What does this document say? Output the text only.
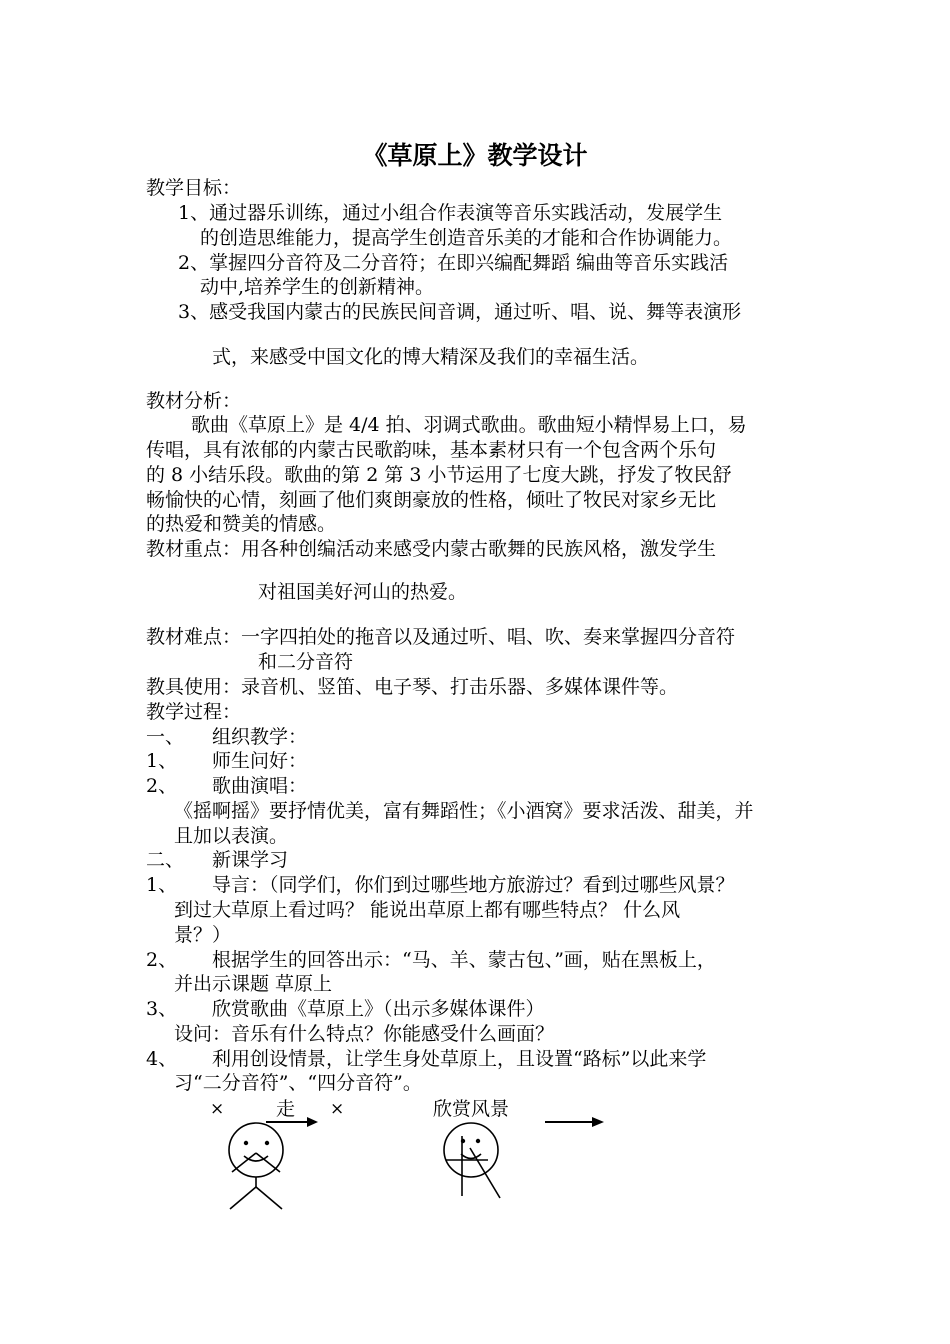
《草原上》教学设计
教学目标：
1、通过器乐训练，通过小组合作表演等音乐实践活动，发展学生
的创造思维能力，提高学生创造音乐美的才能和合作协调能力。
2、掌握四分音符及二分音符；在即兴编配舞蹈 编曲等音乐实践活
动中,培养学生的创新精神。
3、感受我国内蒙古的民族民间音调，通过听、唱、说、舞等表演形
式，来感受中国文化的博大精深及我们的幸福生活。
教材分析：
歌曲《草原上》是 4/4 拍、羽调式歌曲。歌曲短小精悍易上口，易
传唱，具有浓郁的内蒙古民歌韵味，基本素材只有一个包含两个乐句
的 8 小结乐段。歌曲的第 2 第 3 小节运用了七度大跳，抒发了牧民舒
畅愉快的心情，刻画了他们爽朗豪放的性格，倾吐了牧民对家乡无比
的热爱和赞美的情感。
教材重点：用各种创编活动来感受内蒙古歌舞的民族风格，激发学生
对祖国美好河山的热爱。
教材难点：一字四拍处的拖音以及通过听、唱、吹、奏来掌握四分音符
和二分音符
教具使用：录音机、竖笛、电子琴、打击乐器、多媒体课件等。
教学过程：
一、 组织教学：
1、 师生问好：
2、 歌曲演唱：
《摇啊摇》要抒情优美，富有舞蹈性；《小酒窝》要求活泼、甜美，并
且加以表演。
二、 新课学习
1、 导言：（同学们，你们到过哪些地方旅游过？看到过哪些风景？
到过大草原上看过吗？ 能说出草原上都有哪些特点？ 什么风
景？）
2、 根据学生的回答出示：“马、羊、蒙古包、”画，贴在黑板上，
并出示课题 草原上
3、 欣赏歌曲《草原上》（出示多媒体课件）
设问：音乐有什么特点？你能感受什么画面？
4、 利用创设情景，让学生身处草原上，且设置“路标”以此来学
习“二分音符”、“四分音符”。
×	走 ×	欣赏风景
